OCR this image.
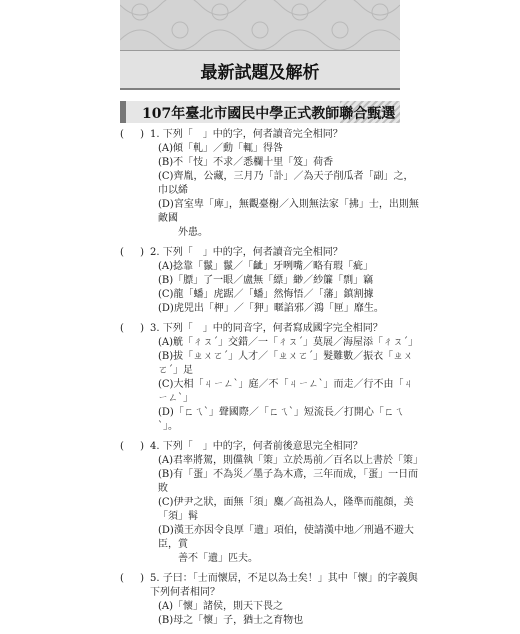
最新試題及解析
107年臺北市國民中學正式教師聯合甄選
( ) 1. 下列「　」中的字，何者讀音完全相同？

(A)傾「軋」／動「輒」得咎

(B)不「忮」不求／悉欄十里「笈」荷香

(C)齊胤，公藏，三月乃「訃」／為天子削瓜者「副」之，巾以絺

(D)宮室卑「庳」，無觀臺榭／入則無法家「拂」士，出則無敵國

　　外患。

( ) 2. 下列「　」中的字，何者讀音完全相同？

(A)捻靠「鬣」鬣／「齜」牙咧嘴／略有瑕「疵」

(B)「膘」了一眼／盧無「縹」緲／紗簾「剽」竊

(C)龍「蟠」虎踞／「蟠」然悔悟／「藩」鎮割據

(D)虎兕出「柙」／「狎」暱諂邪／鴻「匣」靡生。

( ) 3. 下列「　」中的同音字，何者寫成國字完全相同？

(A)觥「ㄔㄡˊ」交錯／一「ㄔㄡˊ」莫展／海屋添「ㄔㄡˊ」

(B)拔「ㄓㄨㄛˊ」人才／「ㄓㄨㄛˊ」髮難數／振衣「ㄓㄨㄛˊ」足

(C)大相「ㄐㄧㄥˋ」庭／不「ㄐㄧㄥˋ」而走／行不由「ㄐㄧㄥˋ」

(D)「ㄈㄟˋ」聲國際／「ㄈㄟˋ」短流長／打開心「ㄈㄟˋ」。

( ) 4. 下列「　」中的字，何者前後意思完全相同？

(A)君率將駕，則儻執「策」立於馬前／百名以上書於「策」

(B)有「蛋」不為災／墨子為木鳶，三年而成，「蛋」一日而敗

(C)伊尹之狀，面無「須」麋／高祖為人，隆準而龍顏，美「須」髯

(D)漢王亦因令良厚「遺」項伯，使請漢中地／刑過不避大臣，賞

　　善不「遺」匹夫。

( ) 5. 子曰：「士而懷居，不足以為士矣！」其中「懷」的字義與下列何者相同？

(A)「懷」諸侯，則天下畏之

(B)母之「懷」子，猶士之育物也
